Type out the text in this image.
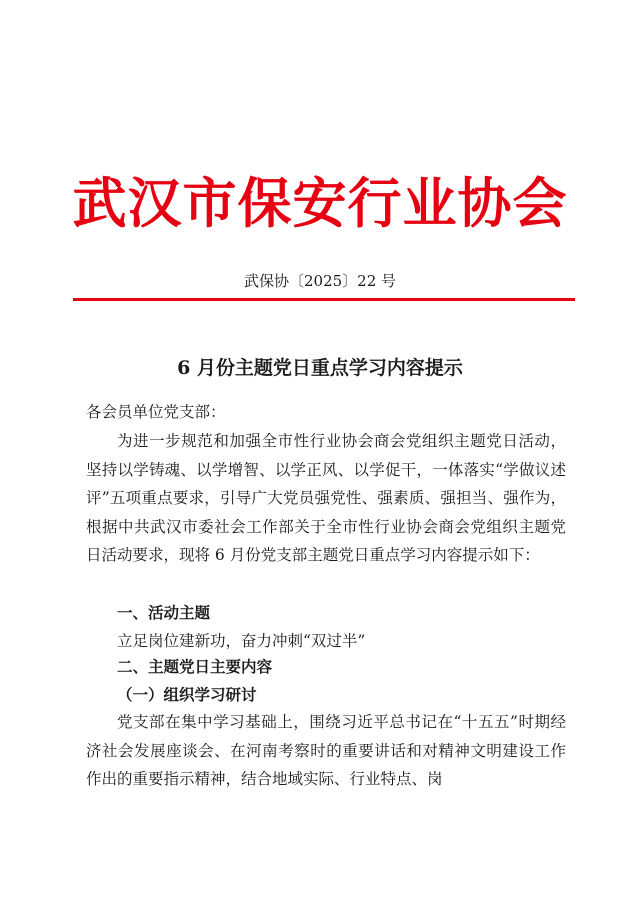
武汉市保安行业协会
武保协〔2025〕22 号
6 月份主题党日重点学习内容提示
各会员单位党支部：
为进一步规范和加强全市性行业协会商会党组织主题党日活动，坚持以学铸魂、以学增智、以学正风、以学促干，一体落实“学做议述评”五项重点要求，引导广大党员强党性、强素质、强担当、强作为，根据中共武汉市委社会工作部关于全市性行业协会商会党组织主题党日活动要求，现将 6 月份党支部主题党日重点学习内容提示如下：
一、活动主题
立足岗位建新功，奋力冲刺“双过半”
二、主题党日主要内容
（一）组织学习研讨
党支部在集中学习基础上，围绕习近平总书记在“十五五”时期经济社会发展座谈会、在河南考察时的重要讲话和对精神文明建设工作作出的重要指示精神，结合地域实际、行业特点、岗
